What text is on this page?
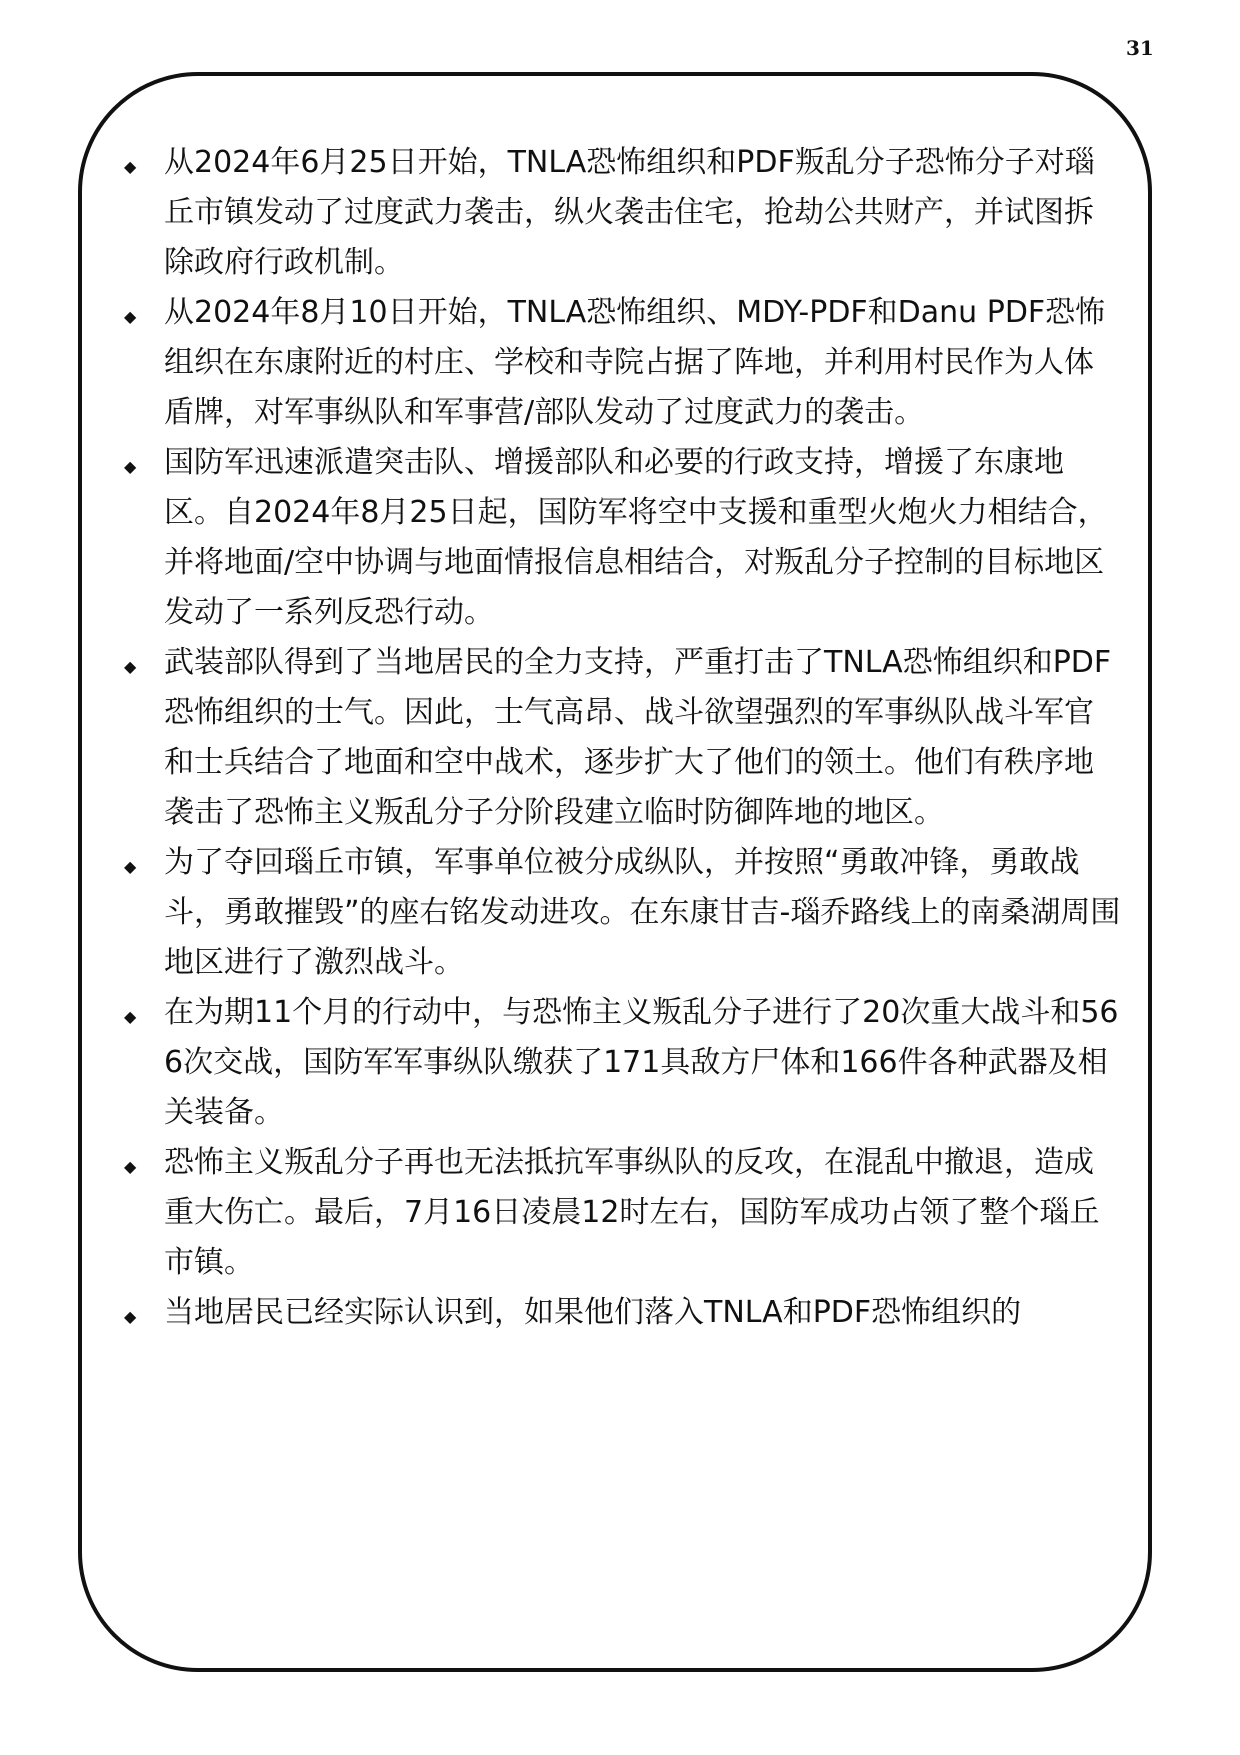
31
◆ 从2024年6月25日开始，TNLA恐怖组织和PDF叛乱分子恐怖分子对瑙丘市镇发动了过度武力袭击，纵火袭击住宅，抢劫公共财产，并试图拆除政府行政机制。
◆ 从2024年8月10日开始，TNLA恐怖组织、MDY-PDF和Danu PDF恐怖组织在东康附近的村庄、学校和寺院占据了阵地，并利用村民作为人体盾牌，对军事纵队和军事营/部队发动了过度武力的袭击。
◆ 国防军迅速派遣突击队、增援部队和必要的行政支持，增援了东康地区。自2024年8月25日起，国防军将空中支援和重型火炮火力相结合，并将地面/空中协调与地面情报信息相结合，对叛乱分子控制的目标地区发动了一系列反恐行动。
◆ 武装部队得到了当地居民的全力支持，严重打击了TNLA恐怖组织和PDF恐怖组织的士气。因此，士气高昂、战斗欲望强烈的军事纵队战斗军官和士兵结合了地面和空中战术，逐步扩大了他们的领土。他们有秩序地袭击了恐怖主义叛乱分子分阶段建立临时防御阵地的地区。
◆ 为了夺回瑙丘市镇，军事单位被分成纵队，并按照“勇敢冲锋，勇敢战斗，勇敢摧毁”的座右铭发动进攻。在东康甘吉-瑙乔路线上的南桑湖周围地区进行了激烈战斗。
◆ 在为期11个月的行动中，与恐怖主义叛乱分子进行了20次重大战斗和566次交战，国防军军事纵队缴获了171具敌方尸体和166件各种武器及相关装备。
◆ 恐怖主义叛乱分子再也无法抵抗军事纵队的反攻，在混乱中撤退，造成重大伤亡。最后，7月16日凌晨12时左右，国防军成功占领了整个瑙丘市镇。
◆ 当地居民已经实际认识到，如果他们落入TNLA和PDF恐怖组织的
